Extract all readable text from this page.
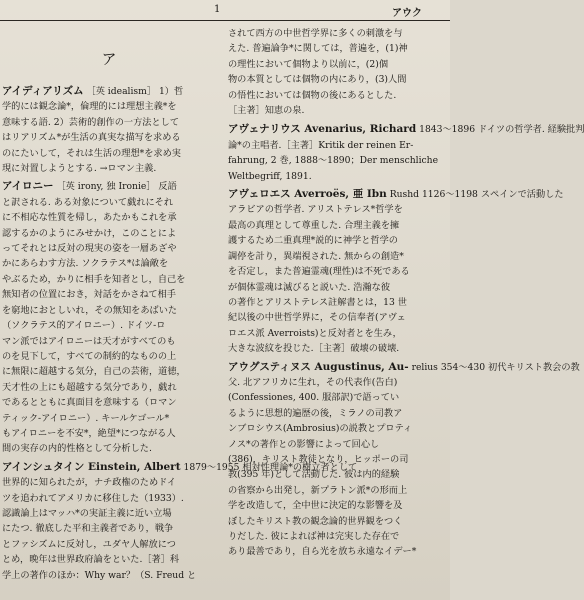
1	アウク
ア
アイディアリズム ［英 idealism］ 1）哲
学的には観念論*，倫理的には理想主義*を
意味する語. 2）芸術的創作の一方法として
はリアリズム*が生活の真実な描写を求める
のにたいして，それは生活の理想*を求め実
現に対置しようとする. →ロマン主義.
アイロニー ［英 irony, 独 Ironie］ 反語
と訳される. ある対象について戯れにそれ
に不相応な性質を帰し，あたかもこれを承
認するかのようにみせかけ，このことによ
ってそれとは反対の現実の姿を一層あざや
かにあらわす方法. ソクラテス*は論敵を
やぶるため，かりに相手を知者とし，自己を
無知者の位置におき，対話をかさねて相手
を窮地におとしいれ，その無知をあばいた
（ソクラテス的アイロニー）. ドイツ-ロ
マン派ではアイロニーは天才がすべてのも
のを見下して，すべての制約的なものの上
に無限に超越する気分，自己の芸術，道徳，
天才性の上にも超越する気分であり，戯れ
であるとともに真面目を意味する（ロマン
ティック-アイロニー）. キールケゴール*
もアイロニーを不安*，絶望*につながる人
間の実存の内的性格として分析した.
アインシュタイン Einstein, Albert 1879～1955 相対性理論*の樹立者として
世界的に知られたが，ナチ政権のためドイ
ツを追われてアメリカに移住した（1933）.
認識論上はマッハ*の実証主義に近い立場
にたつ. 徹底した平和主義者であり，戦争
とファシズムに反対し，ユダヤ人解放につ
とめ，晩年は世界政府論をといた.［著］科
学上の著作のほか：Why war？（S. Freud と
されて西方の中世哲学界に多くの刺激を与
えた. 普遍論争*に関しては，普遍を，(1)神
の理性において個物より以前に，(2)個
物の本質としては個物の内にあり，(3)人間
の悟性においては個物の後にあるとした.
［主著］知恵の泉.
アヴェナリウス Avenarius, Richard 1843～1896 ドイツの哲学者. 経験批判
論*の主唱者.［主著］Kritik der reinen Er-
fahrung, 2 巻, 1888～1890；Der menschliche
Weltbegriff, 1891.
アヴェロエス Averroës, 亜 Ibn Rushd 1126～1198 スペインで活動した
アラビアの哲学者. アリストテレス*哲学を
最高の真理として尊重した. 合理主義を擁
護するため二重真理*説的に神学と哲学の
調停を計り，異端視された. 無からの創造*
を否定し，また普遍霊魂(理性)は不死である
が個体霊魂は滅びると説いた. 浩瀚な彼
の著作とアリストテレス註解書とは，13 世
紀以後の中世哲学界に，その信奉者(アヴェ
ロエス派 Averroists)と反対者とを生み，
大きな波紋を投じた.［主著］破壊の破壊.
アウグスティヌス Augustinus, Au- relius 354～430 初代キリスト教会の教
父. 北アフリカに生れ，その代表作(告白)
(Confessiones, 400. 服部訳)で語ってい
るように思想的遍歴の後，ミラノの司教ア
ンブロシウス(Ambrosius)の説教とプロティ
ノス*の著作との影響によって回心し
(386)，キリスト教徒となり，ヒッポーの司
教(395 年)として活動した. 彼は内的経験
の省察から出発し，新プラトン派*の形而上
学を改造して，全中世に決定的な影響を及
ぼしたキリスト教の観念論的世界観をつく
りだした. 彼によれば神は完実した存在で
あり最善であり，自ら光を放ち永遠なイデー*
